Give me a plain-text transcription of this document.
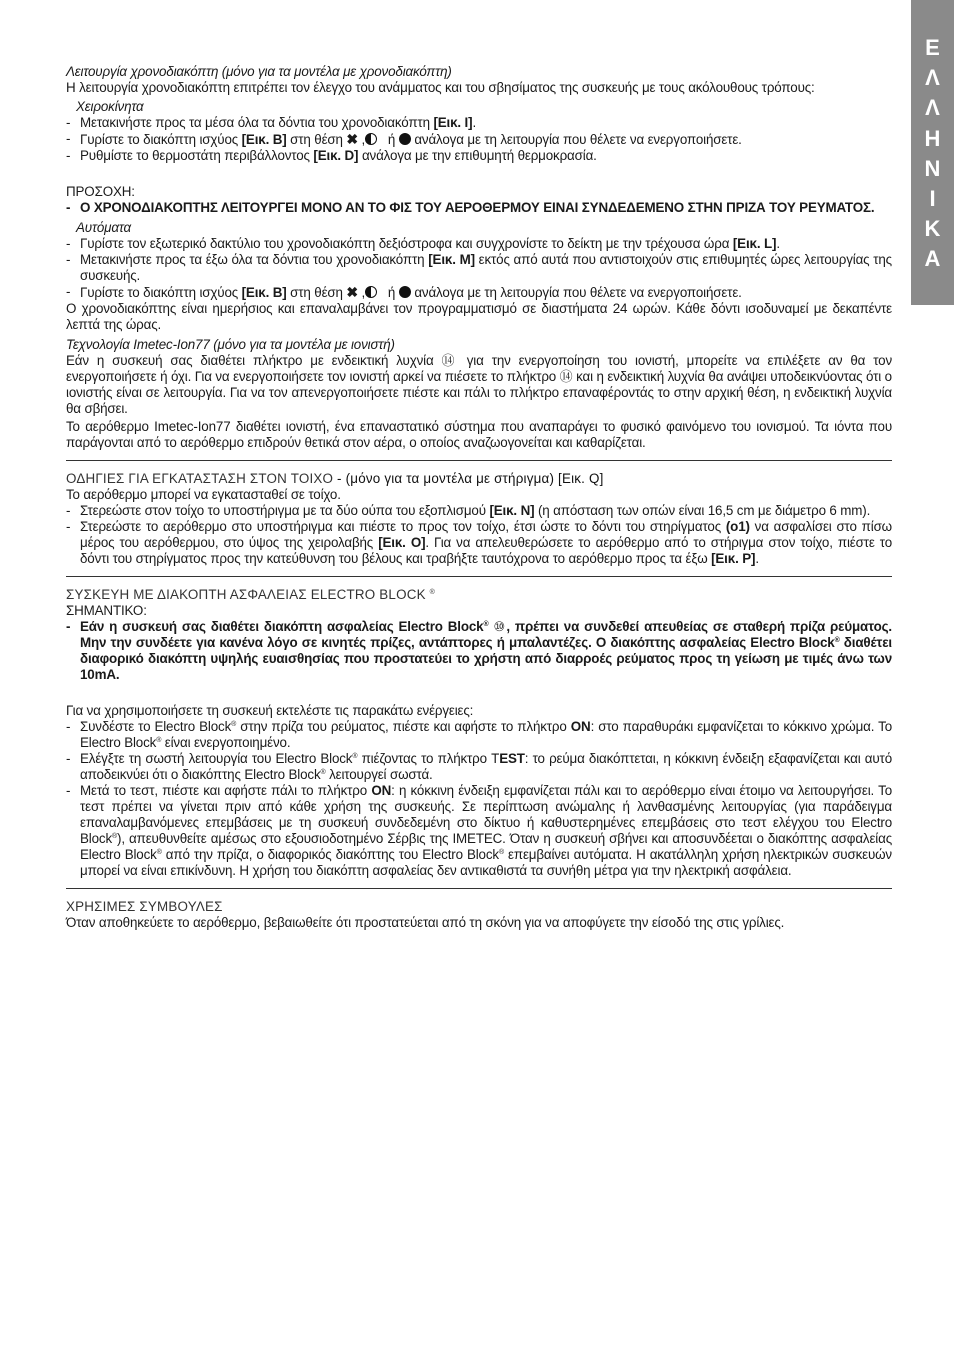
Ε
Λ
Λ
Η
Ν
Ι
Κ
Α

Λειτουργία χρονοδιακόπτη (μόνο για τα μοντέλα με χρονοδιακόπτη)

Η λειτουργία χρονοδιακόπτη επιτρέπει τον έλεγχο του ανάμματος και του σβησίματος της συσκευής με τους ακόλουθους τρόπους:

Χειροκίνητα

- Μετακινήστε προς τα μέσα όλα τα δόντια του χρονοδιακόπτη [Εικ. I].
- Γυρίστε το διακόπτη ισχύος [Εικ. B] στη θέση ✖ , ή ανάλογα με τη λειτουργία που θέλετε να ενεργοποιήσετε.
- Ρυθμίστε το θερμοστάτη περιβάλλοντος [Εικ. D] ανάλογα με την επιθυμητή θερμοκρασία.

ΠΡΟΣΟΧΗ:

- Ο ΧΡΟΝΟΔΙΑΚΟΠΤΗΣ ΛΕΙΤΟΥΡΓΕΙ ΜΟΝΟ ΑΝ ΤΟ ΦΙΣ ΤΟΥ ΑΕΡΟΘΕΡΜΟΥ ΕΙΝΑΙ ΣΥΝΔΕΔΕΜΕΝΟ ΣΤΗΝ ΠΡΙΖΑ ΤΟΥ ΡΕΥΜΑΤΟΣ.

Αυτόματα

- Γυρίστε τον εξωτερικό δακτύλιο του χρονοδιακόπτη δεξιόστροφα και συγχρονίστε το δείκτη με την τρέχουσα ώρα [Εικ. L].
- Μετακινήστε προς τα έξω όλα τα δόντια του χρονοδιακόπτη [Εικ. M] εκτός από αυτά που αντιστοιχούν στις επιθυμητές ώρες λειτουργίας της συσκευής.
- Γυρίστε το διακόπτη ισχύος [Εικ. B] στη θέση ✖ , ή ανάλογα με τη λειτουργία που θέλετε να ενεργοποιήσετε.

Ο χρονοδιακόπτης είναι ημερήσιος και επαναλαμβάνει τον προγραμματισμό σε διαστήματα 24 ωρών. Κάθε δόντι ισοδυναμεί με δεκαπέντε λεπτά της ώρας.

Τεχνολογία Imetec-Ion77 (μόνο για τα μοντέλα με ιονιστή)

Εάν η συσκευή σας διαθέτει πλήκτρο με ενδεικτική λυχνία ⑭ για την ενεργοποίηση του ιονιστή, μπορείτε να επιλέξετε αν θα τον ενεργοποιήσετε ή όχι. Για να ενεργοποιήσετε τον ιονιστή αρκεί να πιέσετε το πλήκτρο ⑭ και η ενδεικτική λυχνία θα ανάψει υποδεικνύοντας ότι ο ιονιστής είναι σε λειτουργία. Για να τον απενεργοποιήσετε πιέστε και πάλι το πλήκτρο επαναφέροντάς το στην αρχική θέση, η ενδεικτική λυχνία θα σβήσει.

Το αερόθερμο Imetec-Ion77 διαθέτει ιονιστή, ένα επαναστατικό σύστημα που αναπαράγει το φυσικό φαινόμενο του ιονισμού. Τα ιόντα που παράγονται από το αερόθερμο επιδρούν θετικά στον αέρα, ο οποίος αναζωογονείται και καθαρίζεται.

ΟΔΗΓΙΕΣ ΓΙΑ ΕΓΚΑΤΑΣΤΑΣΗ ΣΤΟΝ ΤΟΙΧΟ - (μόνο για τα μοντέλα με στήριγμα) [Εικ. Q]

Το αερόθερμο μπορεί να εγκατασταθεί σε τοίχο.

- Στερεώστε στον τοίχο το υποστήριγμα με τα δύο ούπα του εξοπλισμού [Εικ. N] (η απόσταση των οπών είναι 16,5 cm με διάμετρο 6 mm).
- Στερεώστε το αερόθερμο στο υποστήριγμα και πιέστε το προς τον τοίχο, έτσι ώστε το δόντι του στηρίγματος (o1) να ασφαλίσει στο πίσω μέρος του αερόθερμου, στο ύψος της χειρολαβής [Εικ. O]. Για να απελευθερώσετε το αερόθερμο από το στήριγμα στον τοίχο, πιέστε το δόντι του στηρίγματος προς την κατεύθυνση του βέλους και τραβήξτε ταυτόχρονα το αερόθερμο προς τα έξω [Εικ. P].

ΣΥΣΚΕΥΗ ΜΕ ΔΙΑΚΟΠΤΗ ΑΣΦΑΛΕΙΑΣ ELECTRO BLOCK ®

ΣΗΜΑΝΤΙΚΟ:

- Εάν η συσκευή σας διαθέτει διακόπτη ασφαλείας Electro Block® ⑩, πρέπει να συνδεθεί απευθείας σε σταθερή πρίζα ρεύματος. Μην την συνδέετε για κανένα λόγο σε κινητές πρίζες, αντάπτορες ή μπαλαντέζες. Ο διακόπτης ασφαλείας Electro Block® διαθέτει διαφορικό διακόπτη υψηλής ευαισθησίας που προστατεύει το χρήστη από διαρροές ρεύματος προς τη γείωση με τιμές άνω των 10mA.

Για να χρησιμοποιήσετε τη συσκευή εκτελέστε τις παρακάτω ενέργειες:

- Συνδέστε το Electro Block® στην πρίζα του ρεύματος, πιέστε και αφήστε το πλήκτρο ON: στο παραθυράκι εμφανίζεται το κόκκινο χρώμα. Το Electro Block® είναι ενεργοποιημένο.
- Ελέγξτε τη σωστή λειτουργία του Electro Block® πιέζοντας το πλήκτρο TEST: το ρεύμα διακόπτεται, η κόκκινη ένδειξη εξαφανίζεται και αυτό αποδεικνύει ότι ο διακόπτης Electro Block® λειτουργεί σωστά.
- Μετά το τεστ, πιέστε και αφήστε πάλι το πλήκτρο ON: η κόκκινη ένδειξη εμφανίζεται πάλι και το αερόθερμο είναι έτοιμο να λειτουργήσει. Το τεστ πρέπει να γίνεται πριν από κάθε χρήση της συσκευής. Σε περίπτωση ανώμαλης ή λανθασμένης λειτουργίας (για παράδειγμα επαναλαμβανόμενες επεμβάσεις με τη συσκευή συνδεδεμένη στο δίκτυο ή καθυστερημένες επεμβάσεις στο τεστ ελέγχου του Electro Block®), απευθυνθείτε αμέσως στο εξουσιοδοτημένο Σέρβις της IMETEC. Όταν η συσκευή σβήνει και αποσυνδέεται ο διακόπτης ασφαλείας Electro Block® από την πρίζα, ο διαφορικός διακόπτης του Electro Block® επεμβαίνει αυτόματα. Η ακατάλληλη χρήση ηλεκτρικών συσκευών μπορεί να είναι επικίνδυνη. Η χρήση του διακόπτη ασφαλείας δεν αντικαθιστά τα συνήθη μέτρα για την ηλεκτρική ασφάλεια.

ΧΡΗΣΙΜΕΣ ΣΥΜΒΟΥΛΕΣ

Όταν αποθηκεύετε το αερόθερμο, βεβαιωθείτε ότι προστατεύεται από τη σκόνη για να αποφύγετε την είσοδό της στις γρίλιες.
